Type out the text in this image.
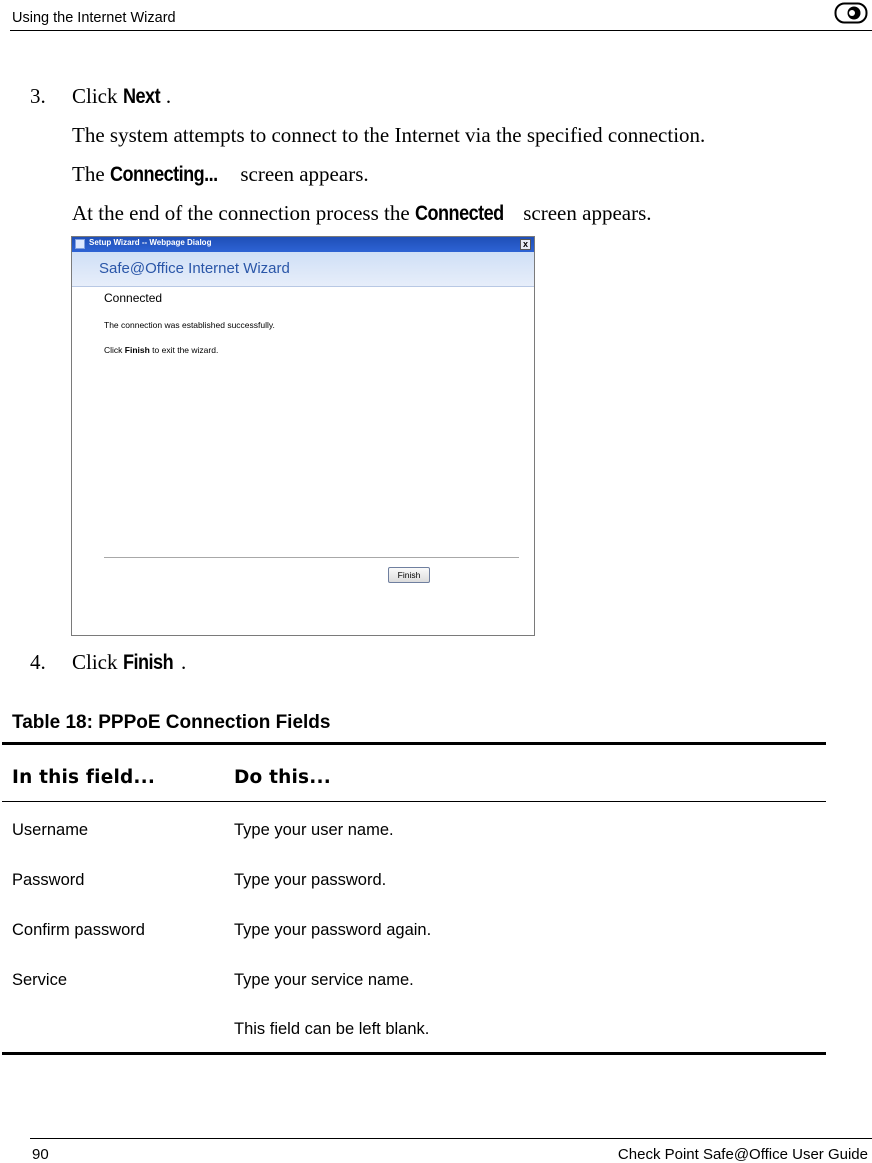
Using the Internet Wizard
3. Click Next .
The system attempts to connect to the Internet via the specified connection.
The Connecting... screen appears.
At the end of the connection process the Connected screen appears.
Setup Wizard -- Webpage Dialog	x
Safe@Office Internet Wizard
Connected
The connection was established successfully.
Click Finish to exit the wizard.
Finish
4. Click Finish .
Table 18: PPPoE Connection Fields
In this field...	Do this...
Username	Type your user name.
Password	Type your password.
Confirm password	Type your password again.
Service	Type your service name.
This field can be left blank.
90	Check Point Safe@Office User Guide
